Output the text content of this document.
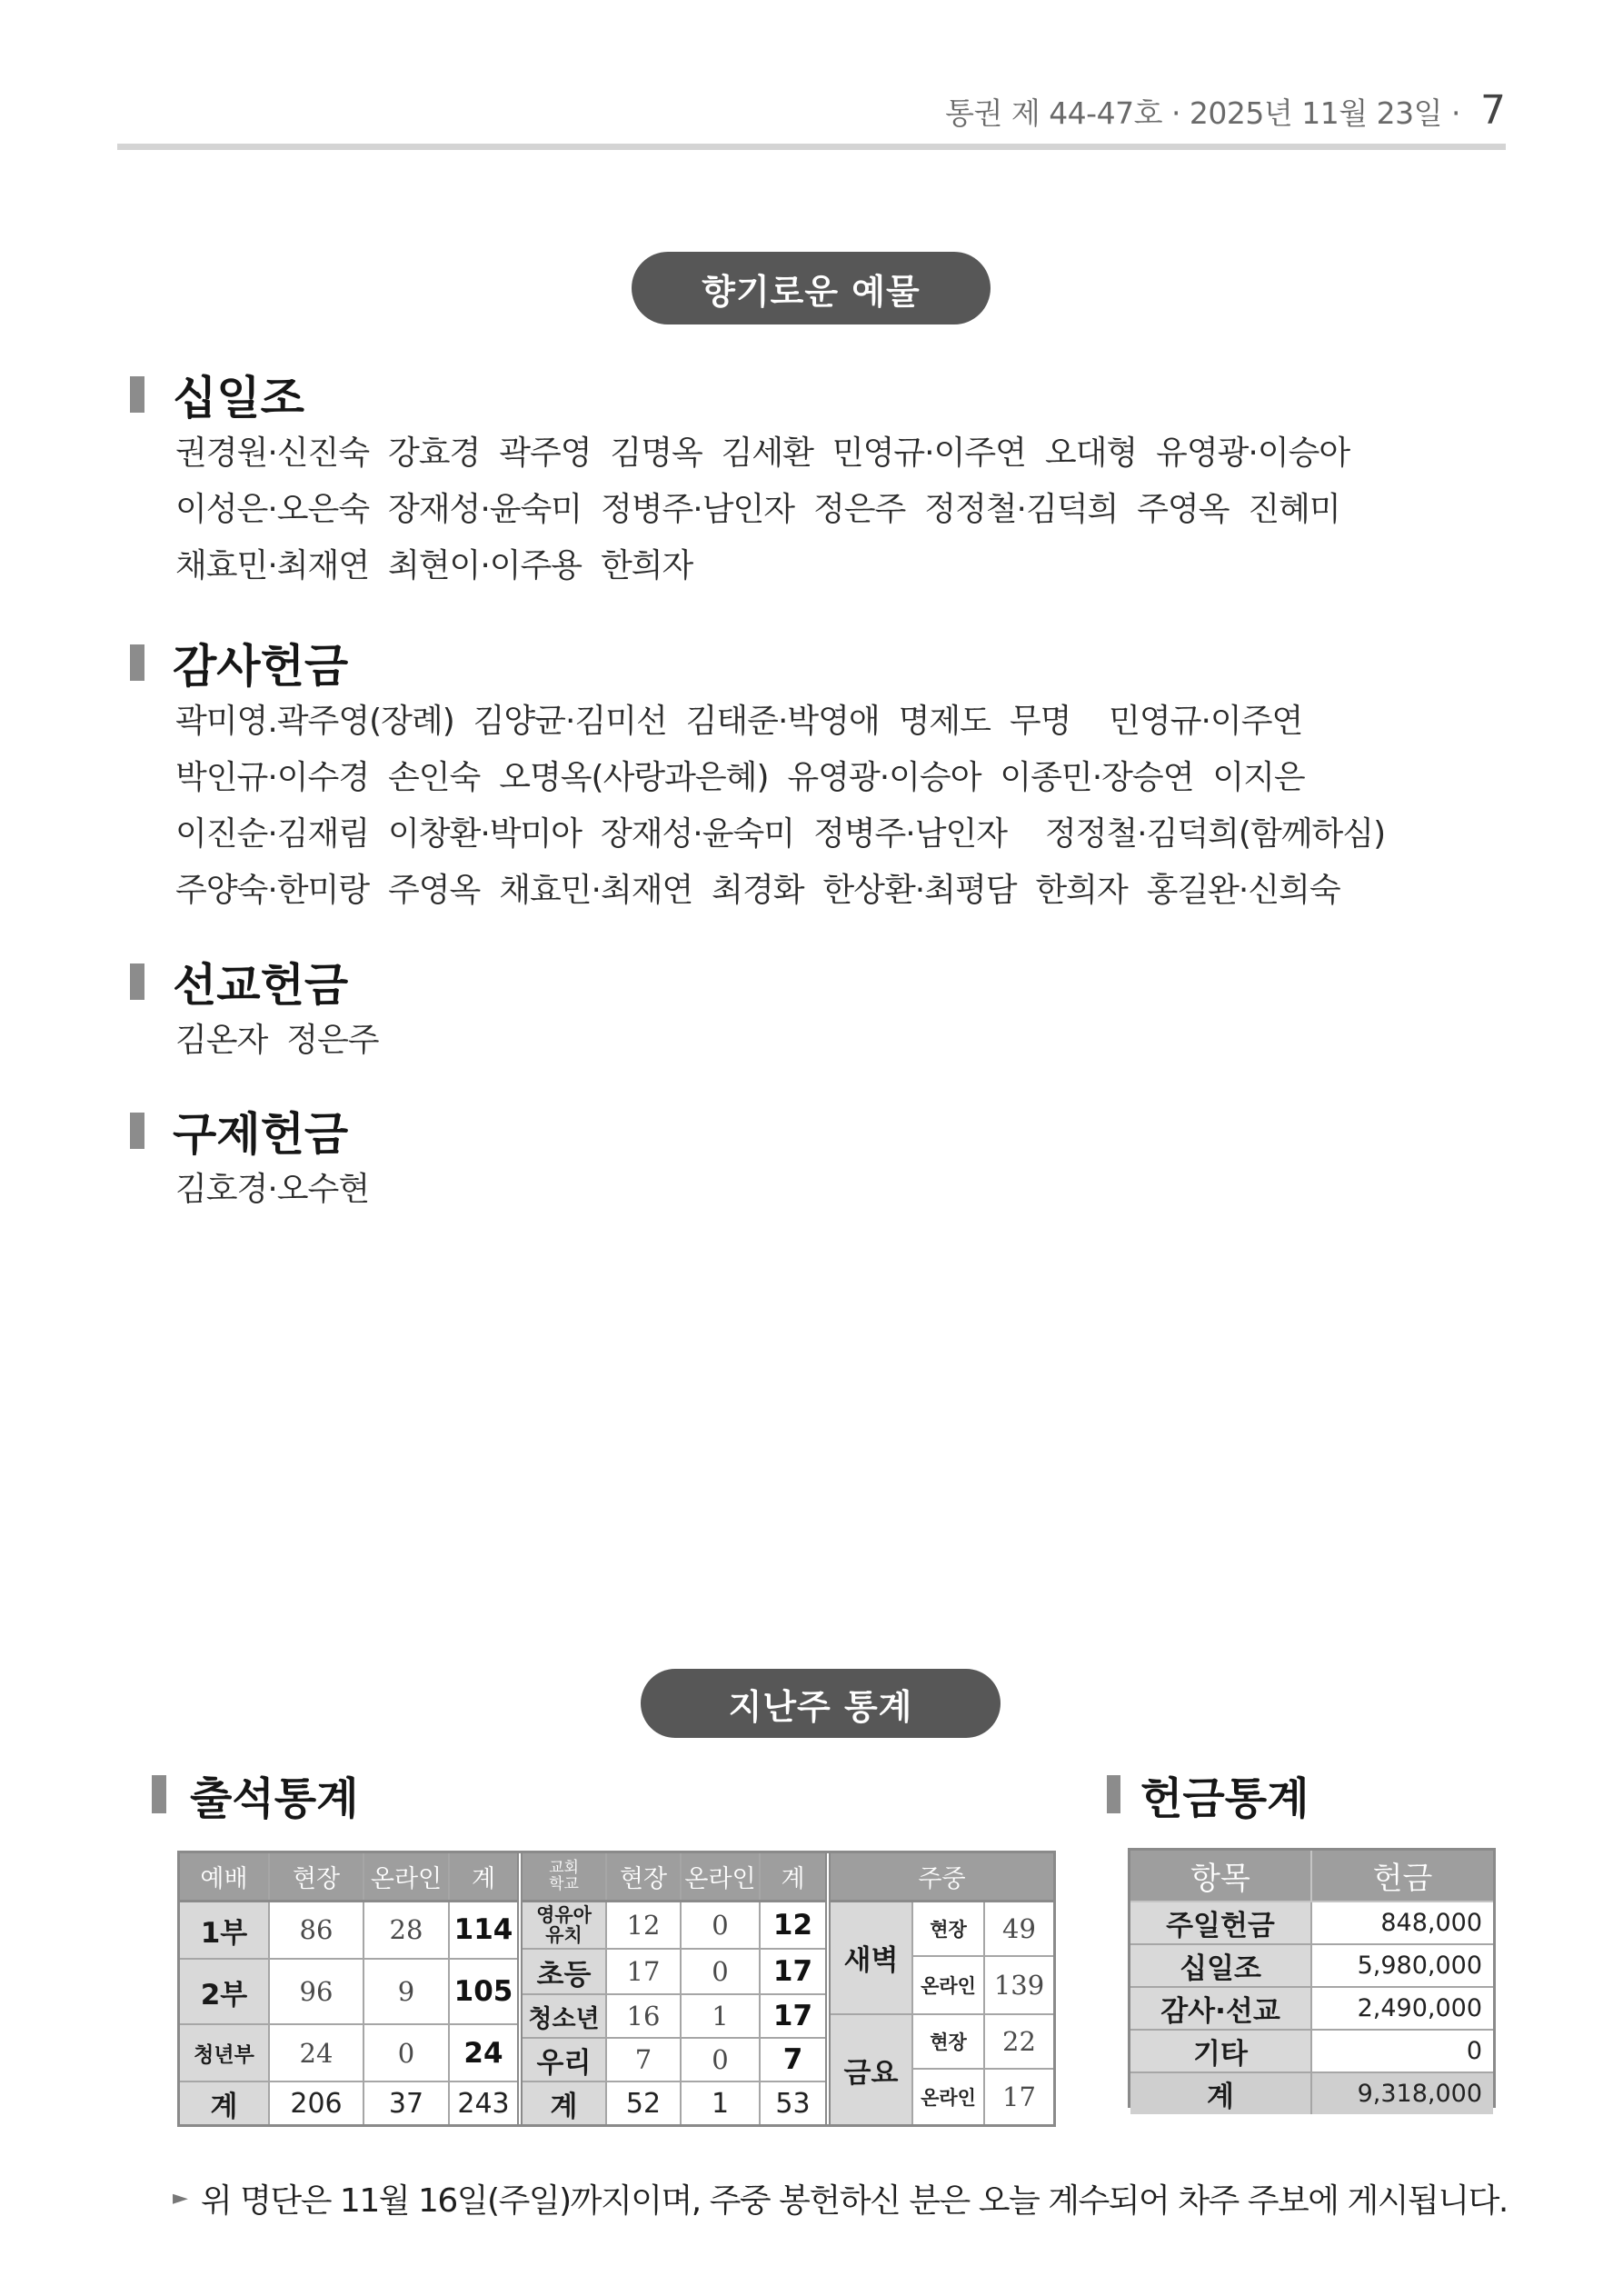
통권 제 44-47호 · 2025년 11월 23일 · 7
향기로운 예물
십일조
권경원·신진숙  강효경  곽주영  김명옥  김세환  민영규·이주연  오대형  유영광·이승아
이성은·오은숙  장재성·윤숙미  정병주·남인자  정은주  정정철·김덕희  주영옥  진혜미
채효민·최재연  최현이·이주용  한희자
감사헌금
곽미영.곽주영(장례)  김양균·김미선  김태준·박영애  명제도  무명    민영규·이주연
박인규·이수경  손인숙  오명옥(사랑과은혜)  유영광·이승아  이종민·장승연  이지은
이진순·김재림  이창환·박미아  장재성·윤숙미  정병주·남인자    정정철·김덕희(함께하심)
주양숙·한미랑  주영옥  채효민·최재연  최경화  한상환·최평담  한희자  홍길완·신희숙
선교헌금
김온자  정은주
구제헌금
김호경·오수현
지난주 통계
출석통계	헌금통계
예배	현장	온라인	계
1부	86	28	114
2부	96	9	105
청년부	24	0	24
계	206	37	243
교회
학교	현장	온라인	계
영유아
유치	12	0	12
초등	17	0	17
청소년	16	1	17
우리	7	0	7
계	52	1	53
주중		
새벽	현장	49
	온라인	139
금요	현장	22
	온라인	17
항목	헌금
주일헌금	848,000
십일조	5,980,000
감사·선교	2,490,000
기타	0
계	9,318,000
► 위 명단은 11월 16일(주일)까지이며, 주중 봉헌하신 분은 오늘 계수되어 차주 주보에 게시됩니다.
